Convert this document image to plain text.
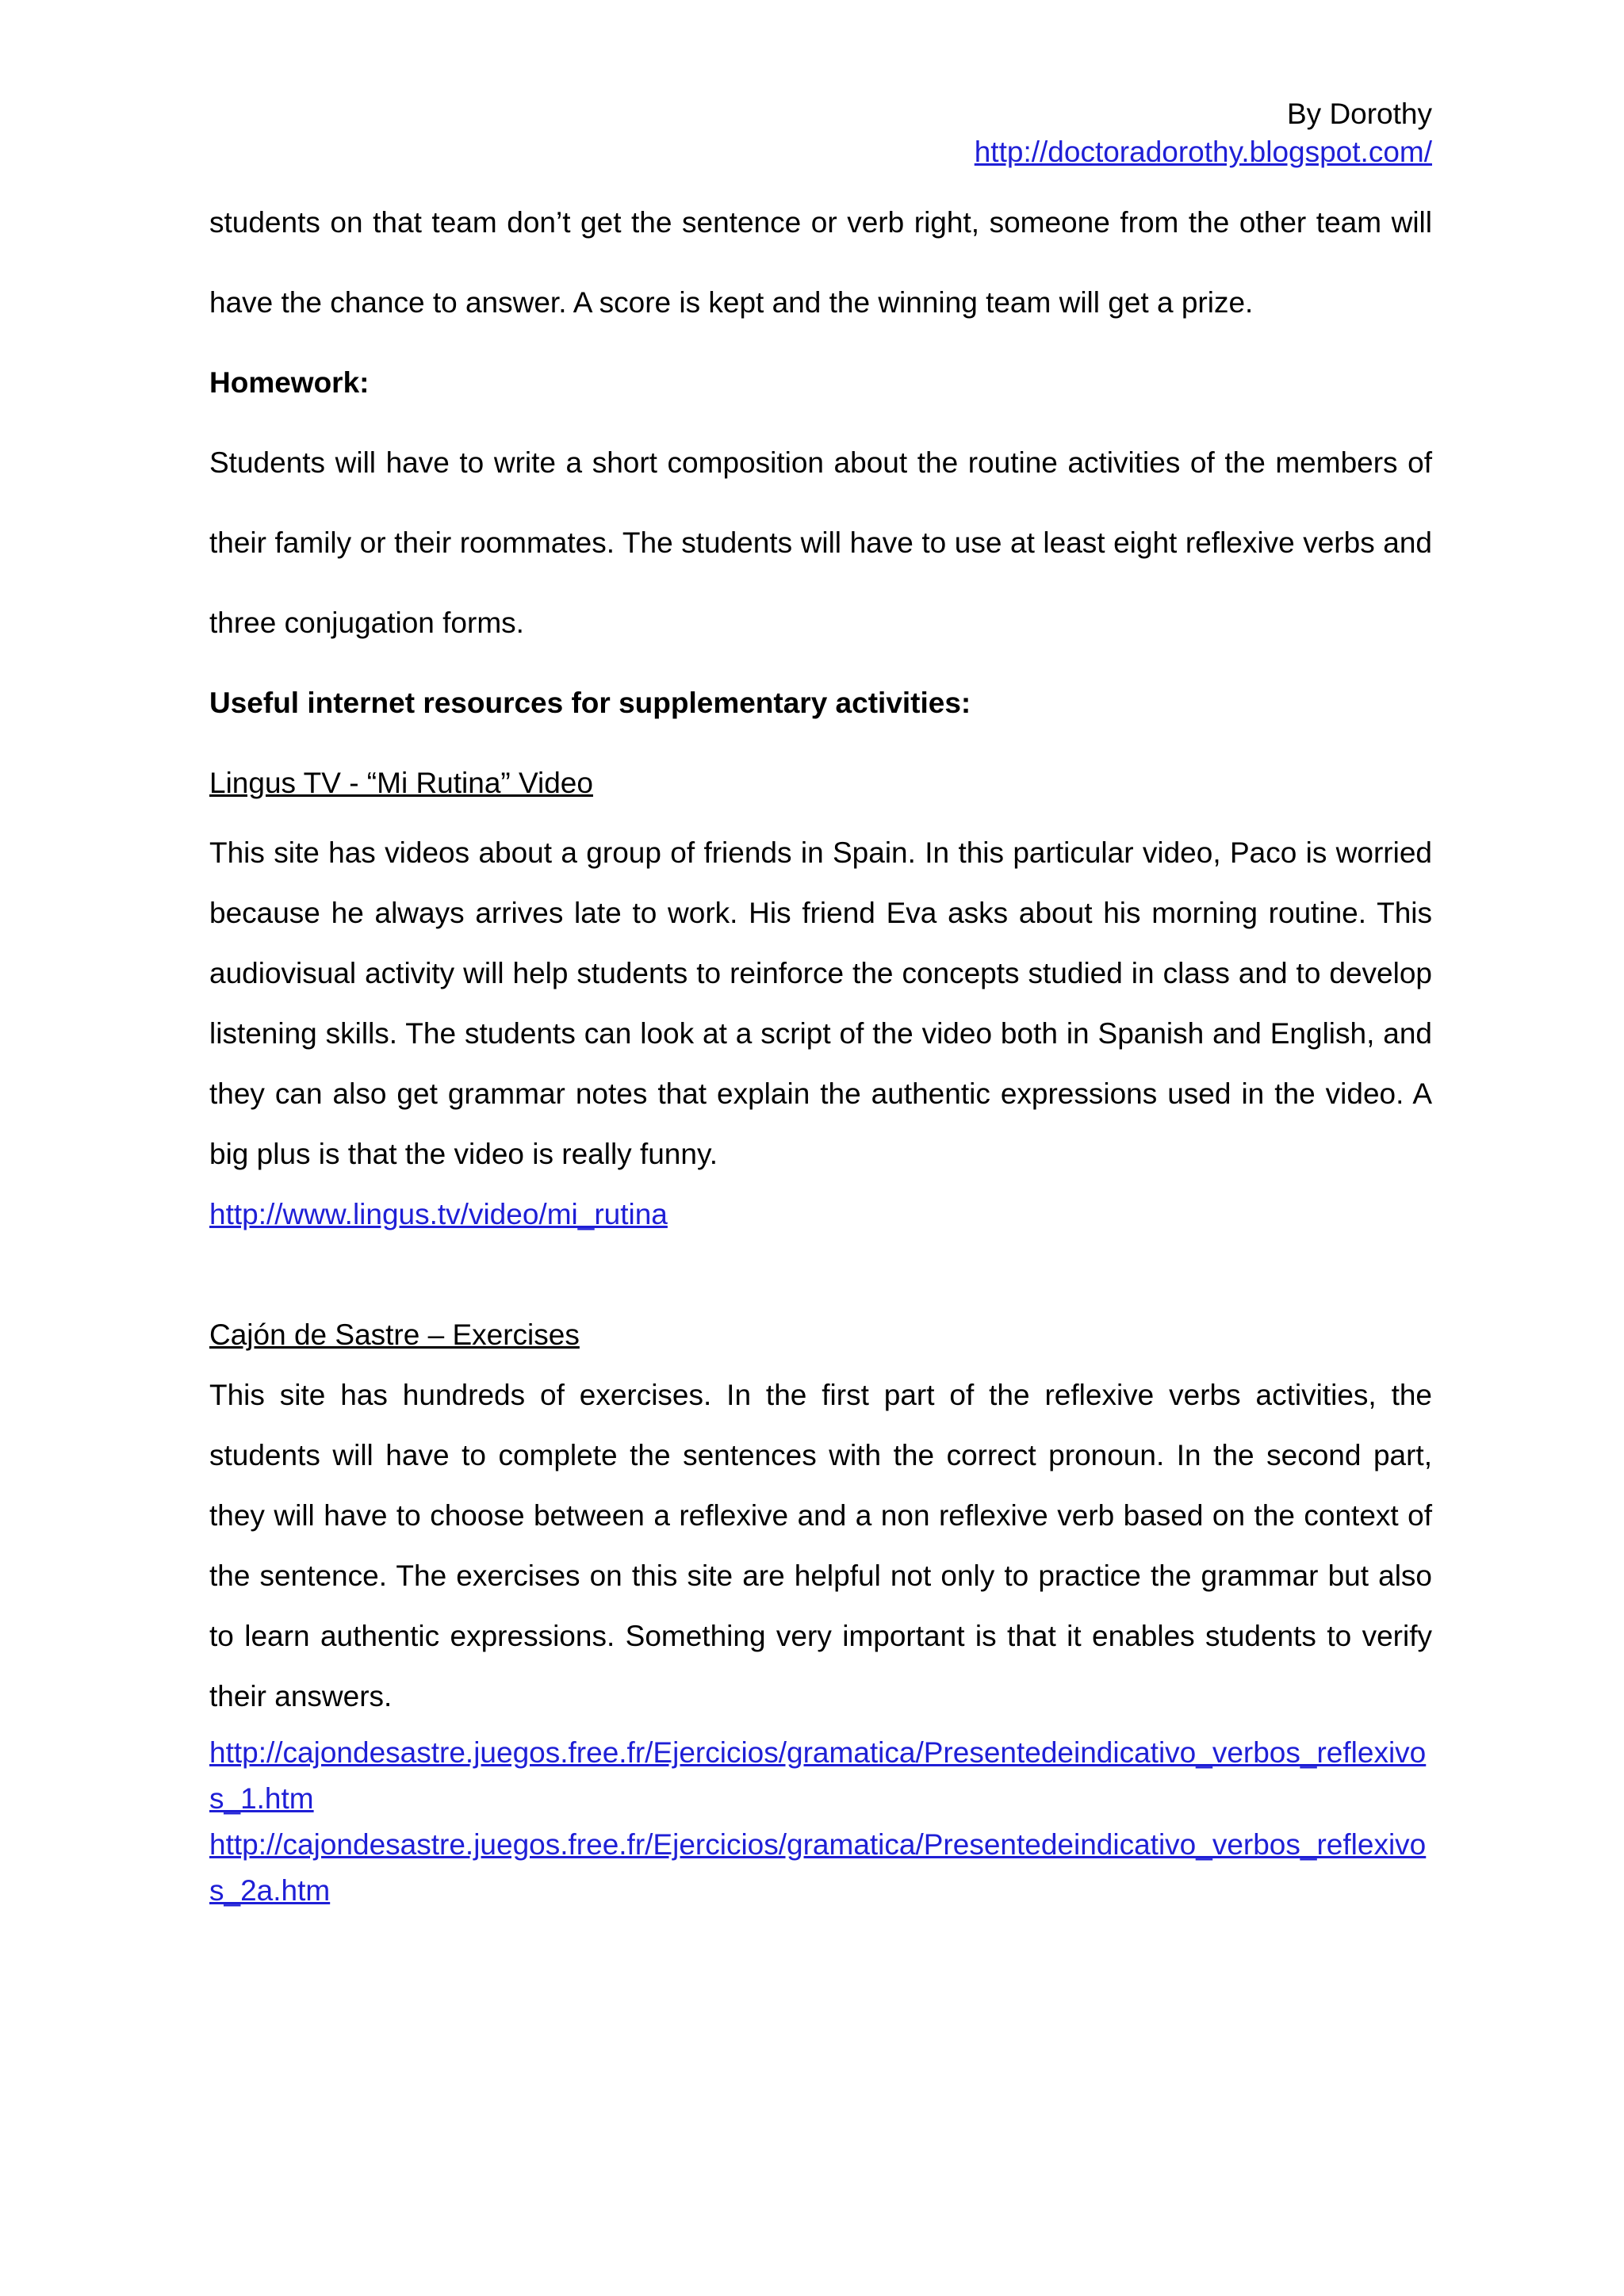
By Dorothy
http://doctoradorothy.blogspot.com/

students on that team don’t get the sentence or verb right, someone from the other team will have the chance to answer. A score is kept and the winning team will get a prize.

Homework:

Students will have to write a short composition about the routine activities of the members of their family or their roommates. The students will have to use at least eight reflexive verbs and three conjugation forms.

Useful internet resources for supplementary activities:

Lingus TV - “Mi Rutina” Video

This site has videos about a group of friends in Spain. In this particular video, Paco is worried because he always arrives late to work. His friend Eva asks about his morning routine. This audiovisual activity will help students to reinforce the concepts studied in class and to develop listening skills. The students can look at a script of the video both in Spanish and English, and they can also get grammar notes that explain the authentic expressions used in the video. A big plus is that the video is really funny.

http://www.lingus.tv/video/mi_rutina

Cajón de Sastre – Exercises

This site has hundreds of exercises. In the first part of the reflexive verbs activities, the students will have to complete the sentences with the correct pronoun. In the second part, they will have to choose between a reflexive and a non reflexive verb based on the context of the sentence. The exercises on this site are helpful not only to practice the grammar but also to learn authentic expressions. Something very important is that it enables students to verify their answers.

http://cajondesastre.juegos.free.fr/Ejercicios/gramatica/Presentedeindicativo_verbos_reflexivos_1.htm

http://cajondesastre.juegos.free.fr/Ejercicios/gramatica/Presentedeindicativo_verbos_reflexivos_2a.htm
